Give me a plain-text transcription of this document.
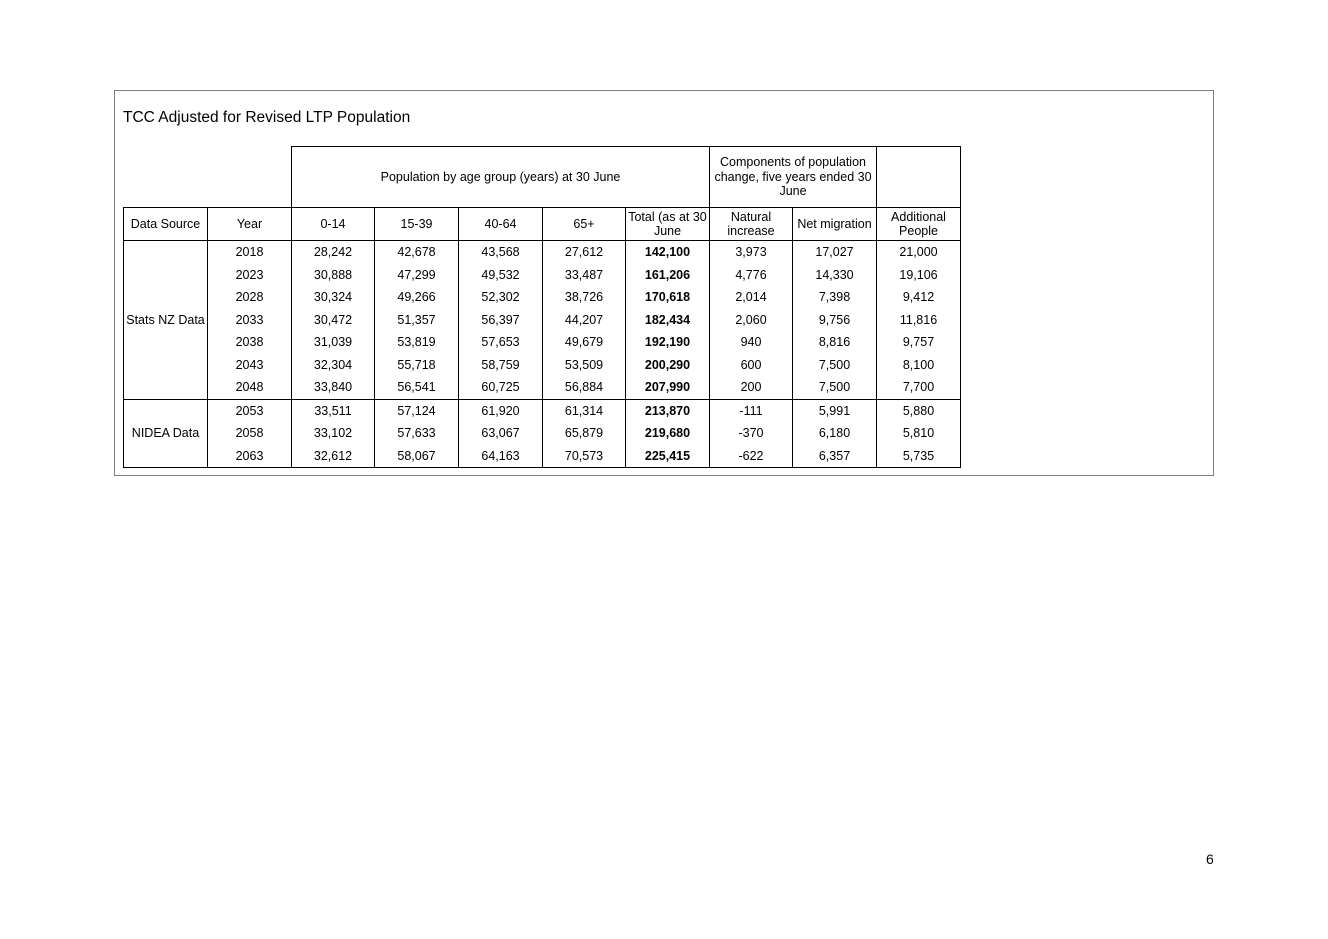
TCC Adjusted for Revised LTP Population
		Population by age group (years) at 30 June					Components of population change, five years ended 30 June		
Data Source	Year	0-14	15-39	40-64	65+	Total (as at 30 June	Natural increase	Net migration	Additional People
Stats NZ Data	2018	28,242	42,678	43,568	27,612	142,100	3,973	17,027	21,000
	2023	30,888	47,299	49,532	33,487	161,206	4,776	14,330	19,106
	2028	30,324	49,266	52,302	38,726	170,618	2,014	7,398	9,412
	2033	30,472	51,357	56,397	44,207	182,434	2,060	9,756	11,816
	2038	31,039	53,819	57,653	49,679	192,190	940	8,816	9,757
	2043	32,304	55,718	58,759	53,509	200,290	600	7,500	8,100
	2048	33,840	56,541	60,725	56,884	207,990	200	7,500	7,700
NIDEA Data	2053	33,511	57,124	61,920	61,314	213,870	-111	5,991	5,880
	2058	33,102	57,633	63,067	65,879	219,680	-370	6,180	5,810
	2063	32,612	58,067	64,163	70,573	225,415	-622	6,357	5,735
6
